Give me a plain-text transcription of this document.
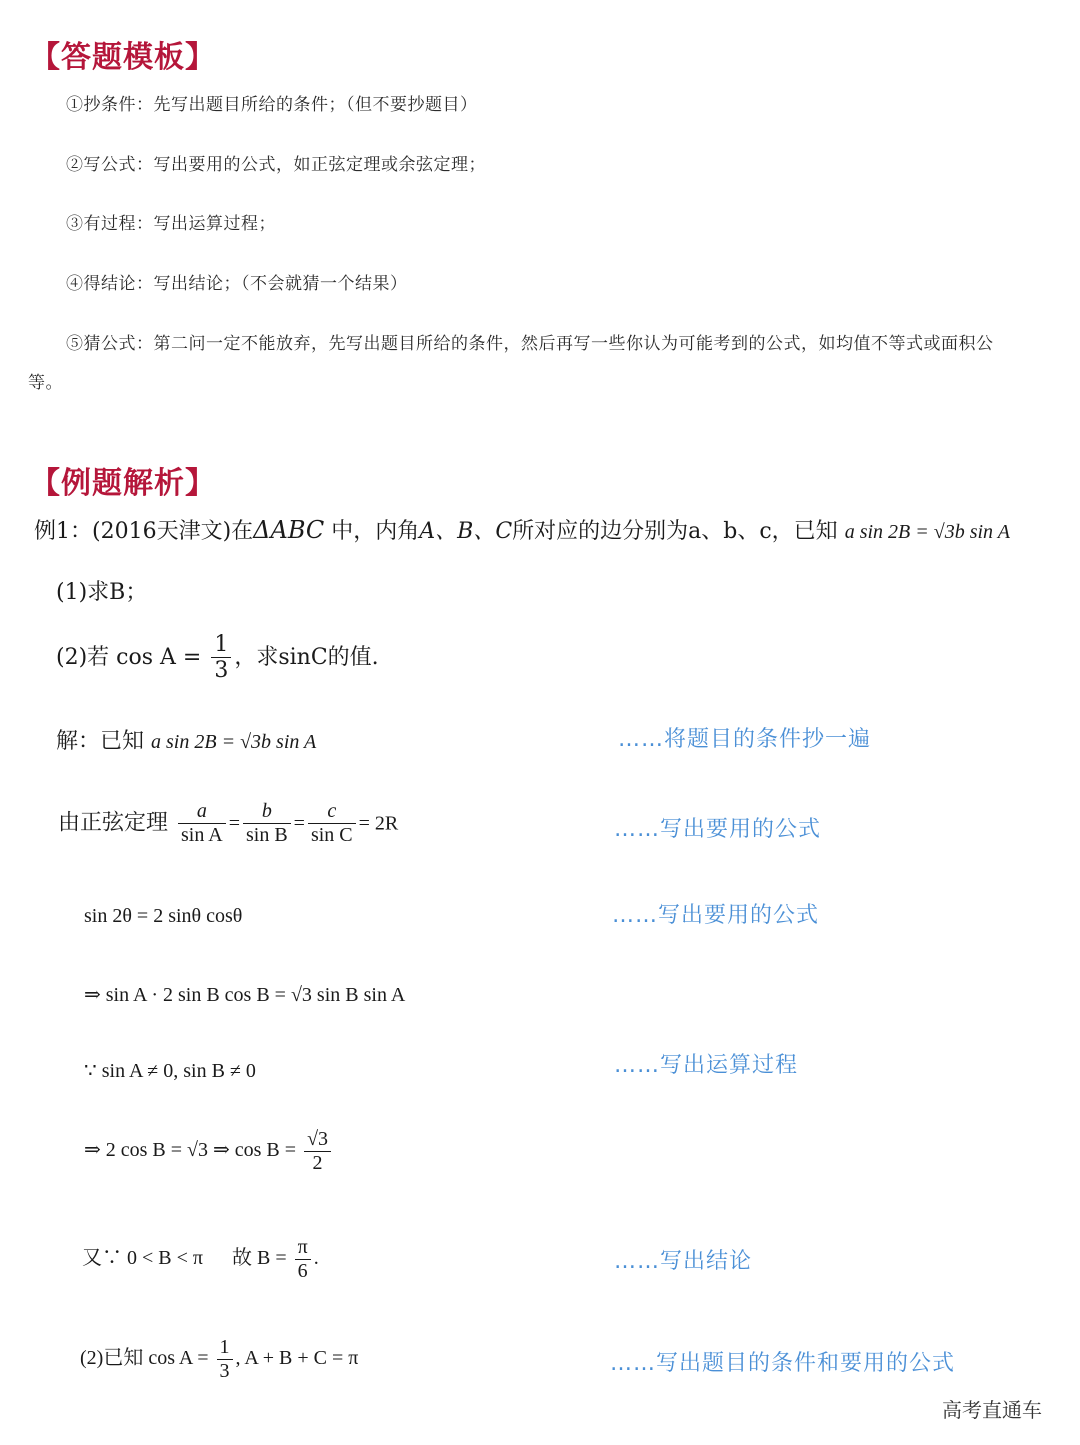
【答题模板】
①抄条件：先写出题目所给的条件；（但不要抄题目）
②写公式：写出要用的公式，如正弦定理或余弦定理；
③有过程：写出运算过程；
④得结论：写出结论；（不会就猜一个结果）
⑤猜公式：第二问一定不能放弃，先写出题目所给的条件，然后再写一些你认为可能考到的公式，如均值不等式或面积公
等。
【例题解析】
例1：(2016天津文)在ΔABC 中，内角A、B、C所对应的边分别为a、b、c，已知 a sin 2B = √3b sin A
(1)求B；
(2)若 $\cos A = \frac{1}{3}$ ，求sinC的值.
解：已知 a sin 2B = √3b sin A
由正弦定理 $\frac{a}{\text{sin A}} = \frac{b}{\text{sin B}} = \frac{c}{\text{sin C}} = 2R$
sin 2θ = 2 sinθ cosθ
⇒ sin A · 2 sin B cos B = √3 sin B sin A
∵ sin A ≠ 0, sin B ≠ 0
⇒ 2 cos B = √3 ⇒ $\cos B = \frac{√3}{2}$
又∵ 0 < B < π 故 $B = \frac{\pi}{6}$ .
(2)已知 $\cos A = \frac{1}{3}$ , A + B + C = π
……将题目的条件抄一遍
……写出要用的公式
……写出要用的公式
……写出运算过程
……写出结论
……写出题目的条件和要用的公式
高考直通车
